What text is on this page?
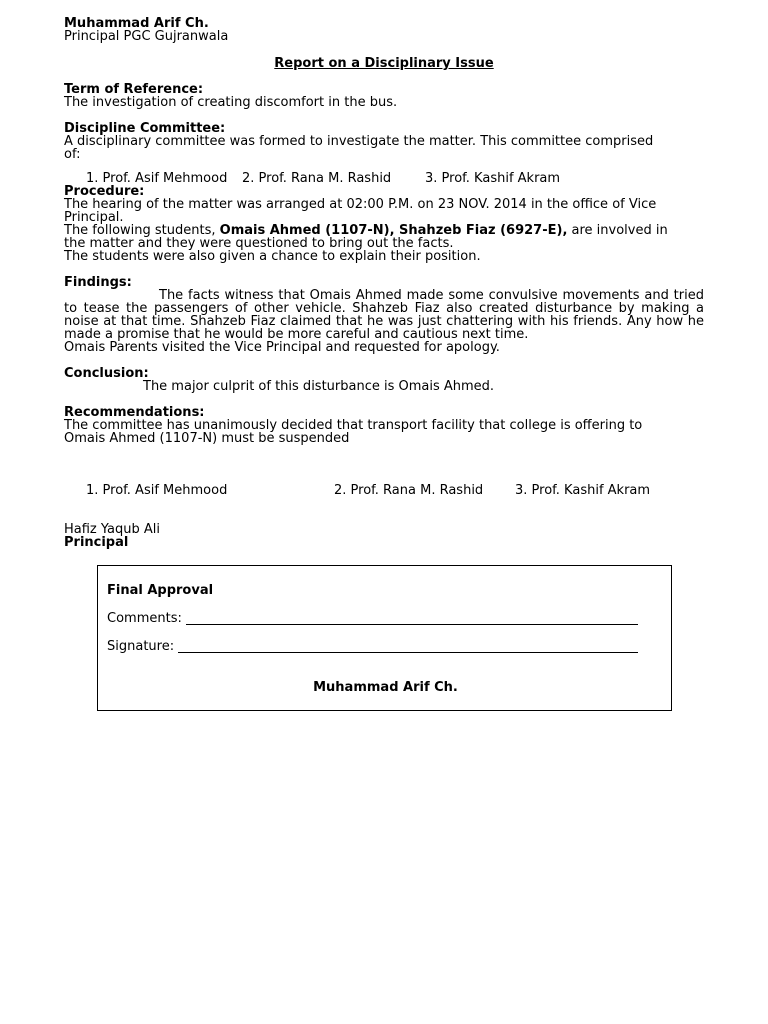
Muhammad Arif Ch.
Principal PGC Gujranwala
Report on a Disciplinary Issue
Term of Reference:
The investigation of creating discomfort in the bus.
Discipline Committee:
A disciplinary committee was formed to investigate the matter. This committee comprised
of:
1. Prof. Asif Mehmood 2. Prof. Rana M. Rashid	3. Prof. Kashif Akram
Procedure:
The hearing of the matter was arranged at 02:00 P.M. on 23 NOV. 2014 in the office of Vice
Principal.
The following students, Omais Ahmed (1107-N), Shahzeb Fiaz (6927-E), are involved in
the matter and they were questioned to bring out the facts.
The students were also given a chance to explain their position.
Findings:
The facts witness that Omais Ahmed made some convulsive movements and tried to tease the passengers of other vehicle. Shahzeb Fiaz also created disturbance by making a noise at that time. Shahzeb Fiaz claimed that he was just chattering with his friends. Any how he made a promise that he would be more careful and cautious next time.
Omais Parents visited the Vice Principal and requested for apology.
Conclusion:
The major culprit of this disturbance is Omais Ahmed.
Recommendations:
The committee has unanimously decided that transport facility that college is offering to
Omais Ahmed (1107-N) must be suspended
1. Prof. Asif Mehmood	2. Prof. Rana M. Rashid 3. Prof. Kashif Akram
Hafiz Yaqub Ali
Principal
Final Approval
Comments:
Signature:
Muhammad Arif Ch.
